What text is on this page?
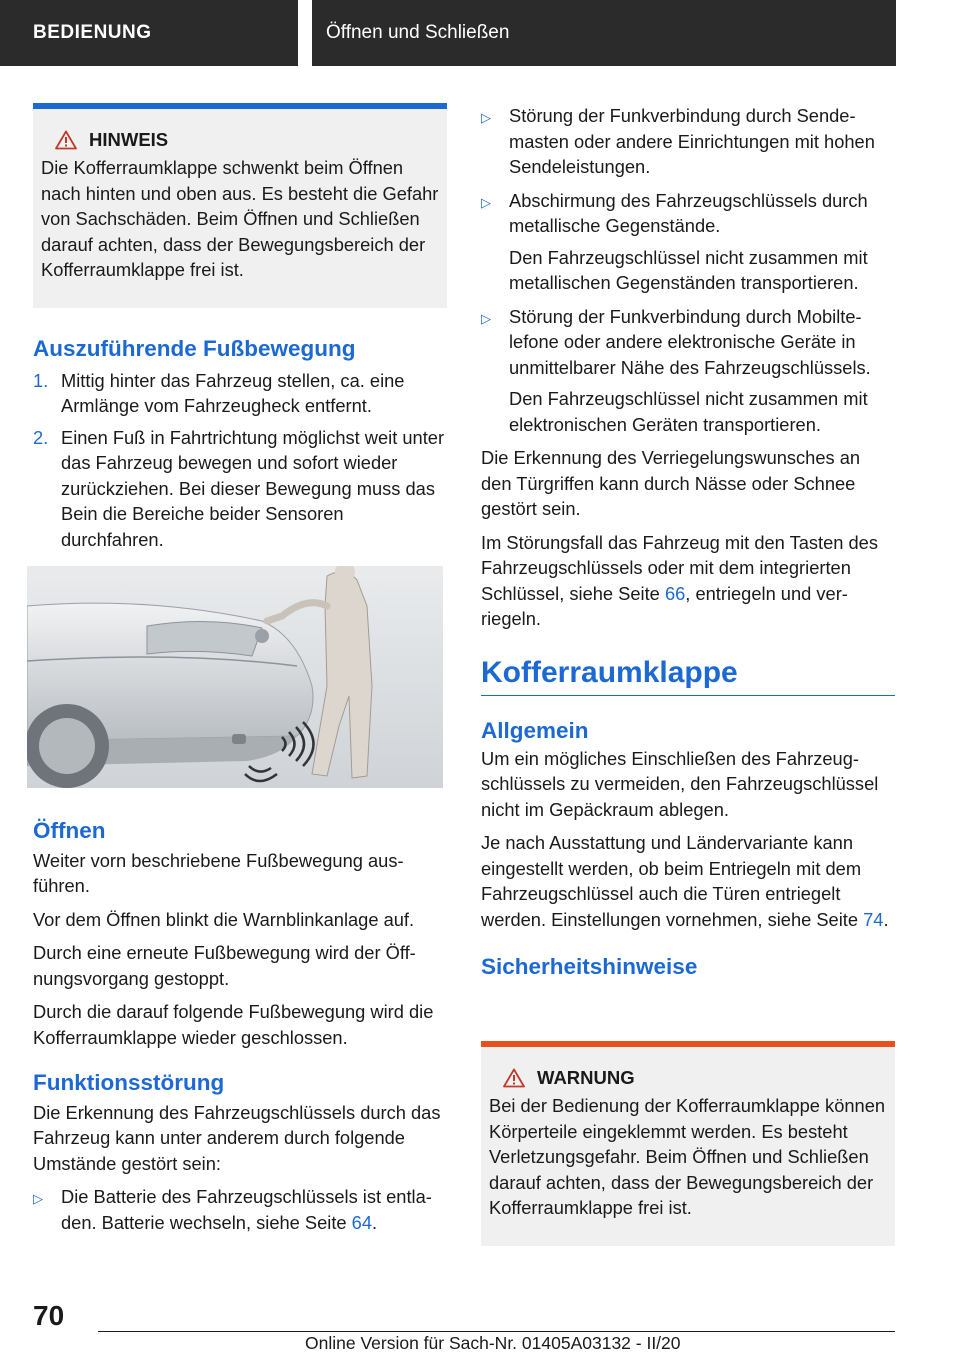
BEDIENUNG	Öffnen und Schließen
HINWEIS

Die Kofferraumklappe schwenkt beim Öffnen nach hinten und oben aus. Es besteht die Gefahr von Sachschäden. Beim Öffnen und Schließen darauf achten, dass der Bewegungsbereich der Kofferraumklappe frei ist.

Auszuführende Fußbewegung
1. Mittig hinter das Fahrzeug stellen, ca. eine Armlänge vom Fahrzeugheck entfernt.
2. Einen Fuß in Fahrtrichtung möglichst weit unter das Fahrzeug bewegen und sofort wieder zurückziehen. Bei dieser Bewegung muss das Bein die Bereiche beider Sensoren durchfahren.
Öffnen

Weiter vorn beschriebene Fußbewegung ausführen.

Vor dem Öffnen blinkt die Warnblinkanlage auf.

Durch eine erneute Fußbewegung wird der Öffnungsvorgang gestoppt.

Durch die darauf folgende Fußbewegung wird die Kofferraumklappe wieder geschlossen.

Funktionsstörung

Die Erkennung des Fahrzeugschlüssels durch das Fahrzeug kann unter anderem durch folgende Umstände gestört sein:

▷ Die Batterie des Fahrzeugschlüssels ist entladen. Batterie wechseln, siehe Seite 64.
▷ Störung der Funkverbindung durch Sendemasten oder andere Einrichtungen mit hohen Sendeleistungen.
▷ Abschirmung des Fahrzeugschlüssels durch metallische Gegenstände.

Den Fahrzeugschlüssel nicht zusammen mit metallischen Gegenständen transportieren.

▷ Störung der Funkverbindung durch Mobiltelefone oder andere elektronische Geräte in unmittelbarer Nähe des Fahrzeugschlüssels.

Den Fahrzeugschlüssel nicht zusammen mit elektronischen Geräten transportieren.

Die Erkennung des Verriegelungswunsches an den Türgriffen kann durch Nässe oder Schnee gestört sein.

Im Störungsfall das Fahrzeug mit den Tasten des Fahrzeugschlüssels oder mit dem integrierten Schlüssel, siehe Seite 66, entriegeln und verriegeln.

Kofferraumklappe
Allgemein

Um ein mögliches Einschließen des Fahrzeugschlüssels zu vermeiden, den Fahrzeugschlüssel nicht im Gepäckraum ablegen.

Je nach Ausstattung und Ländervariante kann eingestellt werden, ob beim Entriegeln mit dem Fahrzeugschlüssel auch die Türen entriegelt werden. Einstellungen vornehmen, siehe Seite 74.

Sicherheitshinweise
WARNUNG

Bei der Bedienung der Kofferraumklappe können Körperteile eingeklemmt werden. Es besteht Verletzungsgefahr. Beim Öffnen und Schließen darauf achten, dass der Bewegungsbereich der Kofferraumklappe frei ist.

70
Online Version für Sach-Nr. 01405A03132 - II/20
